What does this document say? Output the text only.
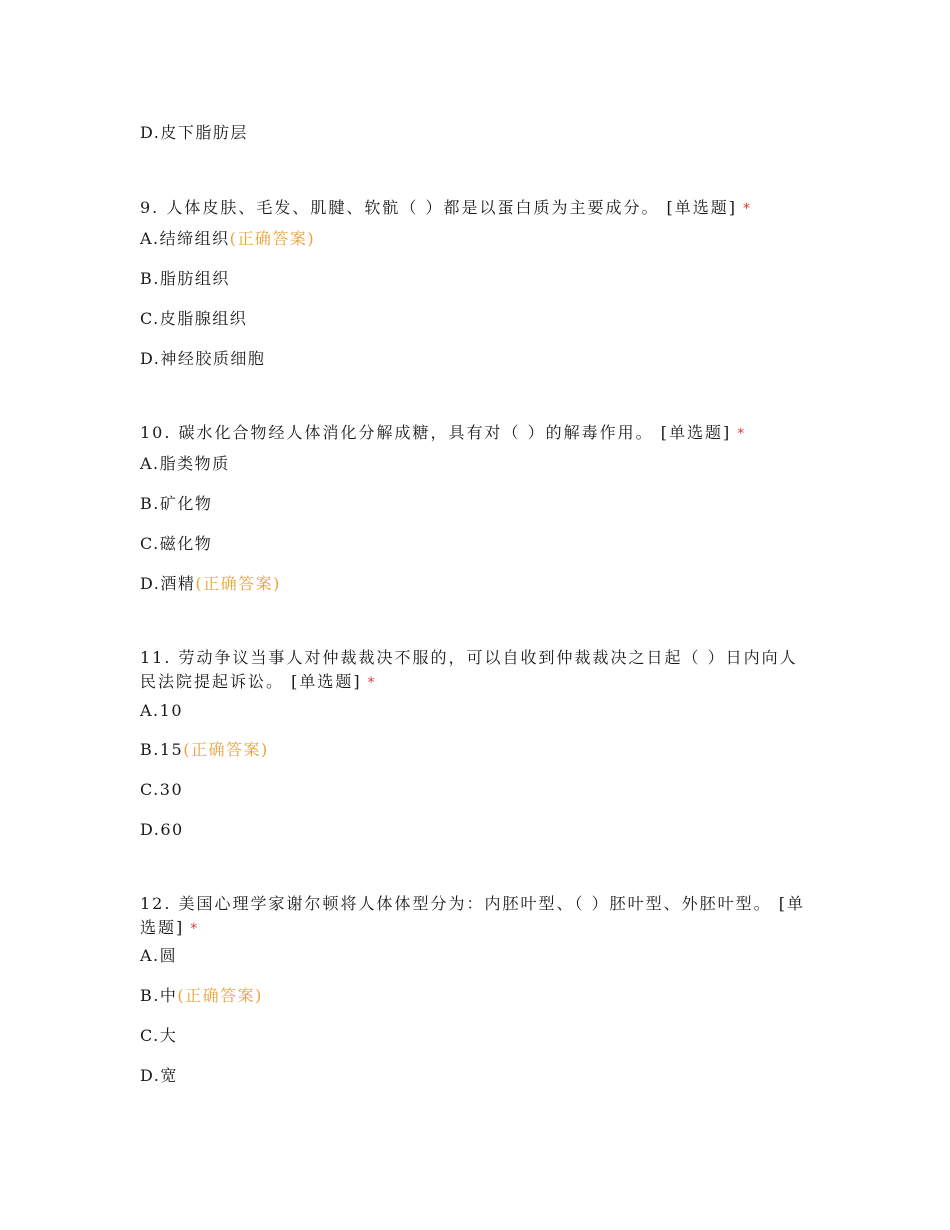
D.皮下脂肪层
9. 人体皮肤、毛发、肌腱、软骯（ ）都是以蛋白质为主要成分。 [单选题] *
A.结缔组织(正确答案)
B.脂肪组织
C.皮脂腺组织
D.神经胶质细胞
10. 碳水化合物经人体消化分解成糖，具有对（ ）的解毒作用。 [单选题] *
A.脂类物质
B.矿化物
C.磁化物
D.酒精(正确答案)
11. 劳动争议当事人对仲裁裁决不服的，可以自收到仲裁裁决之日起（ ）日内向人民法院提起诉讼。 [单选题] *
A.10
B.15(正确答案)
C.30
D.60
12. 美国心理学家谢尔顿将人体体型分为：内胚叶型、（ ）胚叶型、外胚叶型。 [单选题] *
A.圆
B.中(正确答案)
C.大
D.宽
